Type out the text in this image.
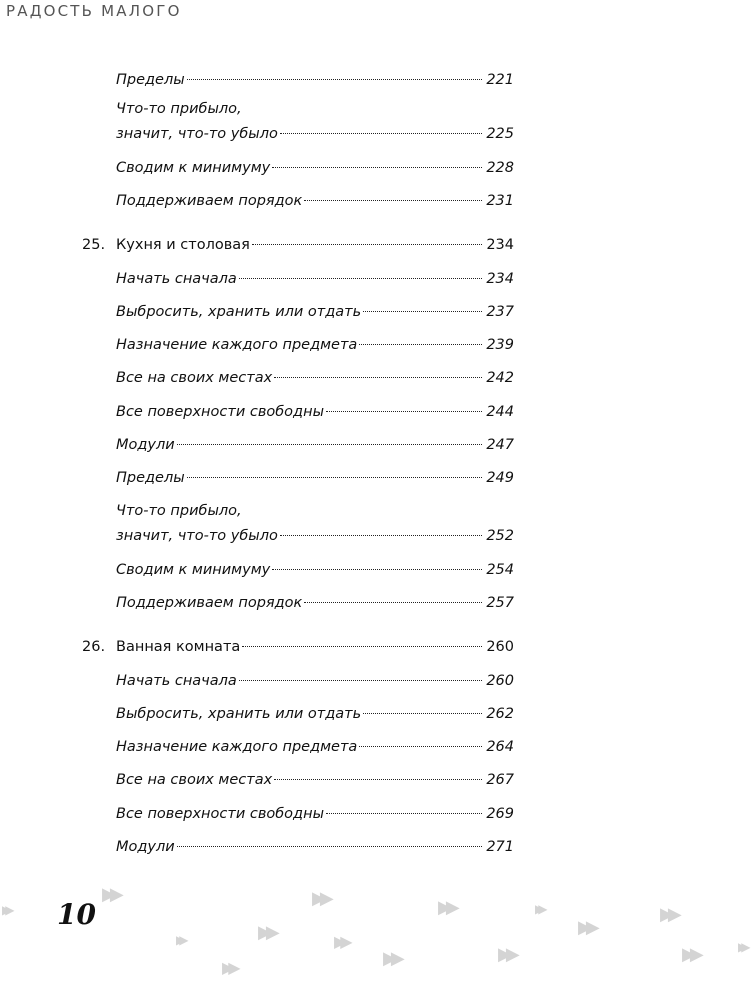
РАДОСТЬ МАЛОГО
Пределы	221
Что-то прибыло,
значит, что-то убыло	225
Сводим к минимуму	228
Поддерживаем порядок	231
25. Кухня и столовая	234
Начать сначала	234
Выбросить, хранить или отдать	237
Назначение каждого предмета	239
Все на своих местах	242
Все поверхности свободны	244
Модули	247
Пределы	249
Что-то прибыло,
значит, что-то убыло	252
Сводим к минимуму	254
Поддерживаем порядок	257
26. Ванная комната	260
Начать сначала	260
Выбросить, хранить или отдать	262
Назначение каждого предмета	264
Все на своих местах	267
Все поверхности свободны	269
Модули	271
10
▶▶
▶▶
▶▶
▶▶
▶▶
▶▶
▶▶
▶▶
▶▶
▶▶
▶▶
▶▶
▶▶
▶▶	▶▶
